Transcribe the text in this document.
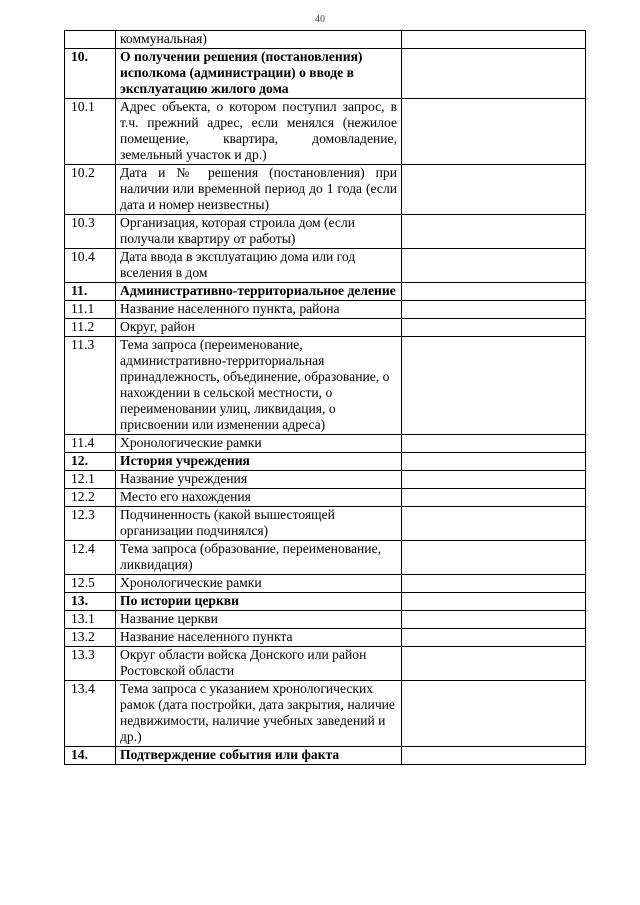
40
	коммунальная)	
10.	О получении решения (постановления) исполкома (администрации) о вводе в эксплуатацию жилого дома	
10.1	Адрес объекта, о котором поступил запрос, в т.ч. прежний адрес, если менялся (нежилое помещение, квартира, домовладение, земельный участок и др.)	
10.2	Дата и № решения (постановления) при наличии или временной период до 1 года (если дата и номер неизвестны)	
10.3	Организация, которая строила дом (если получали квартиру от работы)	
10.4	Дата ввода в эксплуатацию дома или год вселения в дом	
11.	Административно-территориальное деление	
11.1	Название населенного пункта, района	
11.2	Округ, район	
11.3	Тема запроса (переименование, административно-территориальная принадлежность, объединение, образование, о нахождении в сельской местности, о переименовании улиц, ликвидация, о присвоении или изменении адреса)	
11.4	Хронологические рамки	
12.	История учреждения	
12.1	Название учреждения	
12.2	Место его нахождения	
12.3	Подчиненность (какой вышестоящей организации подчинялся)	
12.4	Тема запроса (образование, переименование, ликвидация)	
12.5	Хронологические рамки	
13.	По истории церкви	
13.1	Название церкви	
13.2	Название населенного пункта	
13.3	Округ области войска Донского или район Ростовской области	
13.4	Тема запроса с указанием хронологических рамок (дата постройки, дата закрытия, наличие недвижимости, наличие учебных заведений и др.)	
14.	Подтверждение события или факта	
